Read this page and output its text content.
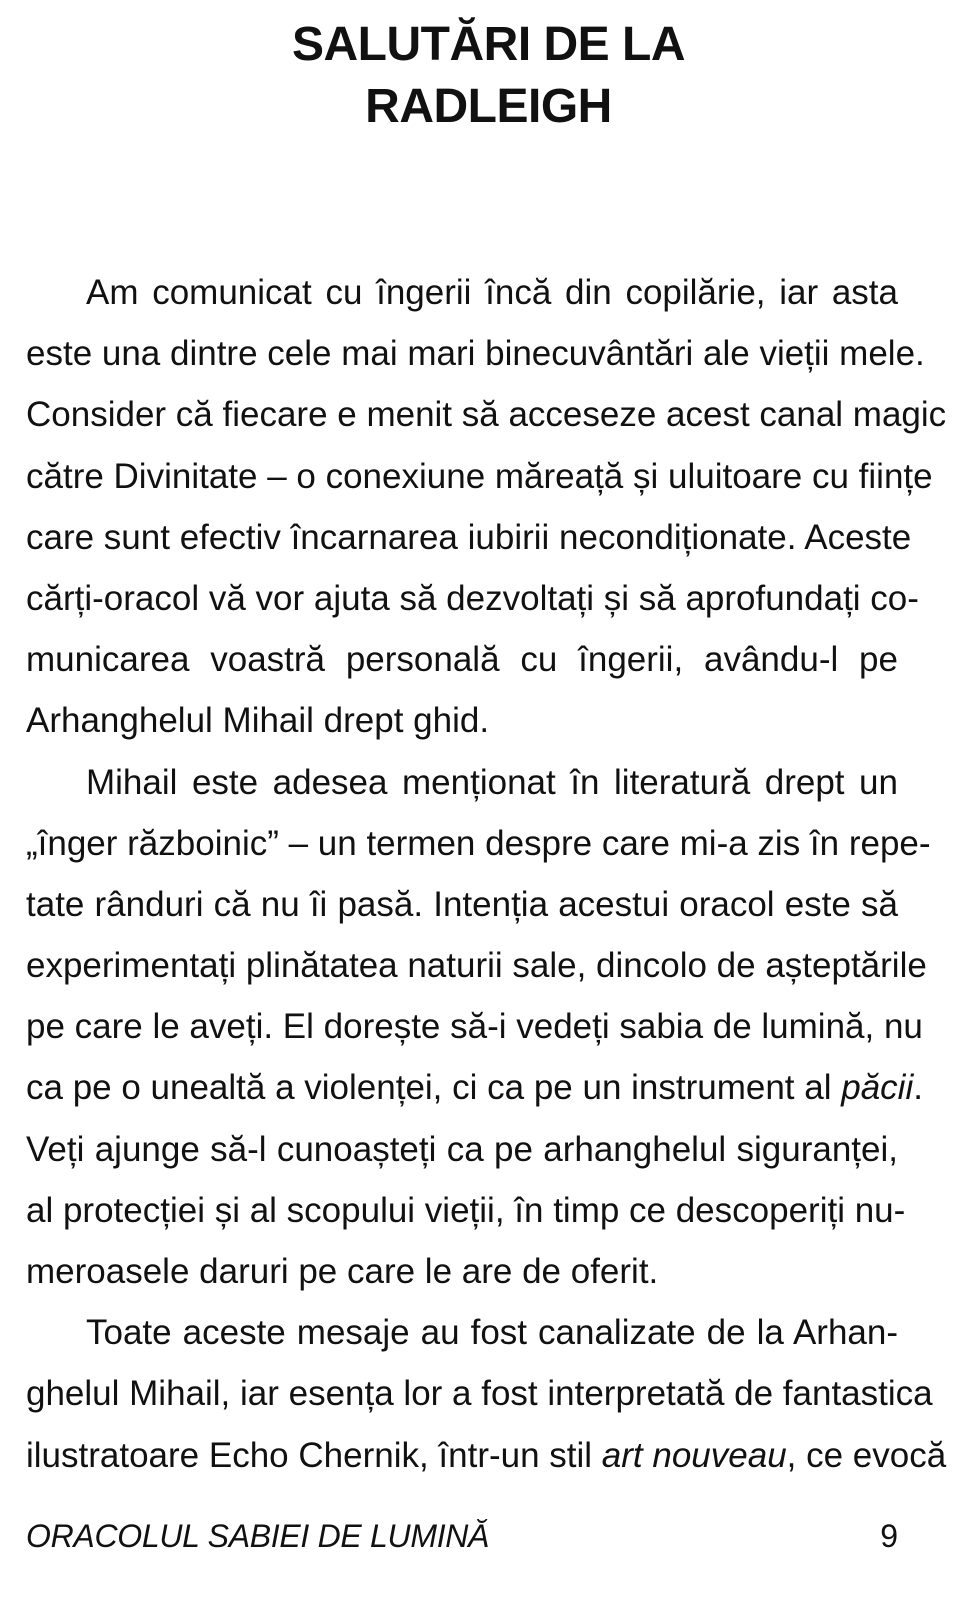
SALUTĂRI DE LA
RADLEIGH
Am comunicat cu îngerii încă din copilărie, iar asta
este una dintre cele mai mari binecuvântări ale vieții mele.
Consider că fiecare e menit să acceseze acest canal magic
către Divinitate – o conexiune măreață și uluitoare cu ființe
care sunt efectiv încarnarea iubirii necondiționate. Aceste
cărți-oracol vă vor ajuta să dezvoltați și să aprofundați co-
municarea voastră personală cu îngerii, avându-l pe
Arhanghelul Mihail drept ghid.
Mihail este adesea menționat în literatură drept un
„înger războinic” – un termen despre care mi-a zis în repe-
tate rânduri că nu îi pasă. Intenția acestui oracol este să
experimentați plinătatea naturii sale, dincolo de așteptările
pe care le aveți. El dorește să-i vedeți sabia de lumină, nu
ca pe o unealtă a violenței, ci ca pe un instrument al păcii.
Veți ajunge să-l cunoașteți ca pe arhanghelul siguranței,
al protecției și al scopului vieții, în timp ce descoperiți nu-
meroasele daruri pe care le are de oferit.
Toate aceste mesaje au fost canalizate de la Arhan-
ghelul Mihail, iar esența lor a fost interpretată de fantastica
ilustratoare Echo Chernik, într-un stil art nouveau, ce evocă
ORACOLUL SABIEI DE LUMINĂ	9
